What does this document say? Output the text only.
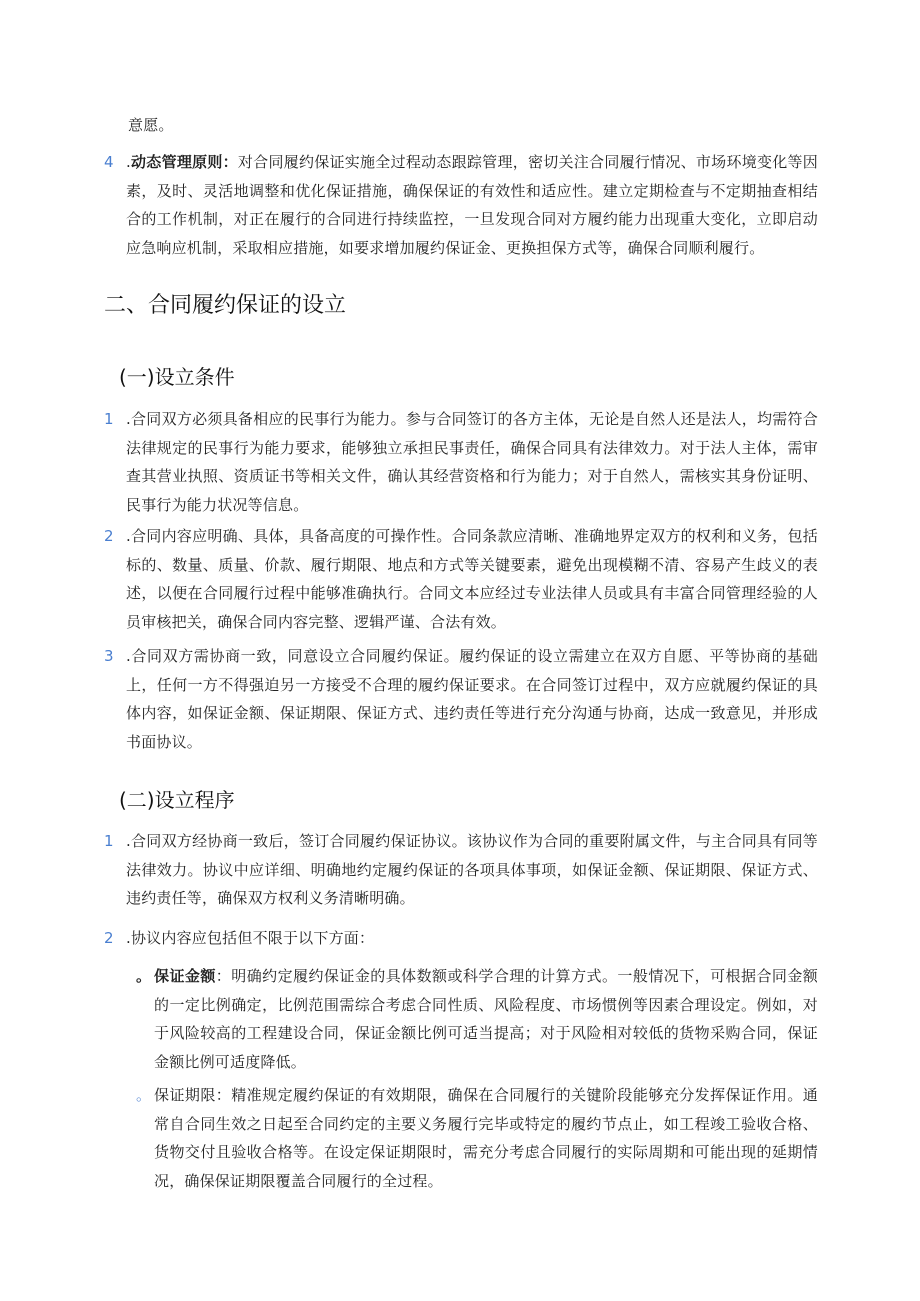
意愿。

4 .动态管理原则：对合同履约保证实施全过程动态跟踪管理，密切关注合同履行情况、市场环境变化等因素，及时、灵活地调整和优化保证措施，确保保证的有效性和适应性。建立定期检查与不定期抽查相结合的工作机制，对正在履行的合同进行持续监控，一旦发现合同对方履约能力出现重大变化，立即启动应急响应机制，采取相应措施，如要求增加履约保证金、更换担保方式等，确保合同顺利履行。

二、合同履约保证的设立
(一)设立条件
1 .合同双方必须具备相应的民事行为能力。参与合同签订的各方主体，无论是自然人还是法人，均需符合法律规定的民事行为能力要求，能够独立承担民事责任，确保合同具有法律效力。对于法人主体，需审查其营业执照、资质证书等相关文件，确认其经营资格和行为能力；对于自然人，需核实其身份证明、民事行为能力状况等信息。

2 .合同内容应明确、具体，具备高度的可操作性。合同条款应清晰、准确地界定双方的权利和义务，包括标的、数量、质量、价款、履行期限、地点和方式等关键要素，避免出现模糊不清、容易产生歧义的表述，以便在合同履行过程中能够准确执行。合同文本应经过专业法律人员或具有丰富合同管理经验的人员审核把关，确保合同内容完整、逻辑严谨、合法有效。

3 .合同双方需协商一致，同意设立合同履约保证。履约保证的设立需建立在双方自愿、平等协商的基础上，任何一方不得强迫另一方接受不合理的履约保证要求。在合同签订过程中，双方应就履约保证的具体内容，如保证金额、保证期限、保证方式、违约责任等进行充分沟通与协商，达成一致意见，并形成书面协议。

(二)设立程序
1 .合同双方经协商一致后，签订合同履约保证协议。该协议作为合同的重要附属文件，与主合同具有同等法律效力。协议中应详细、明确地约定履约保证的各项具体事项，如保证金额、保证期限、保证方式、违约责任等，确保双方权利义务清晰明确。

2 .协议内容应包括但不限于以下方面：

。 保证金额：明确约定履约保证金的具体数额或科学合理的计算方式。一般情况下，可根据合同金额的一定比例确定，比例范围需综合考虑合同性质、风险程度、市场惯例等因素合理设定。例如，对于风险较高的工程建设合同，保证金额比例可适当提高；对于风险相对较低的货物采购合同，保证金额比例可适度降低。

。 保证期限：精准规定履约保证的有效期限，确保在合同履行的关键阶段能够充分发挥保证作用。通常自合同生效之日起至合同约定的主要义务履行完毕或特定的履约节点止，如工程竣工验收合格、货物交付且验收合格等。在设定保证期限时，需充分考虑合同履行的实际周期和可能出现的延期情况，确保保证期限覆盖合同履行的全过程。
